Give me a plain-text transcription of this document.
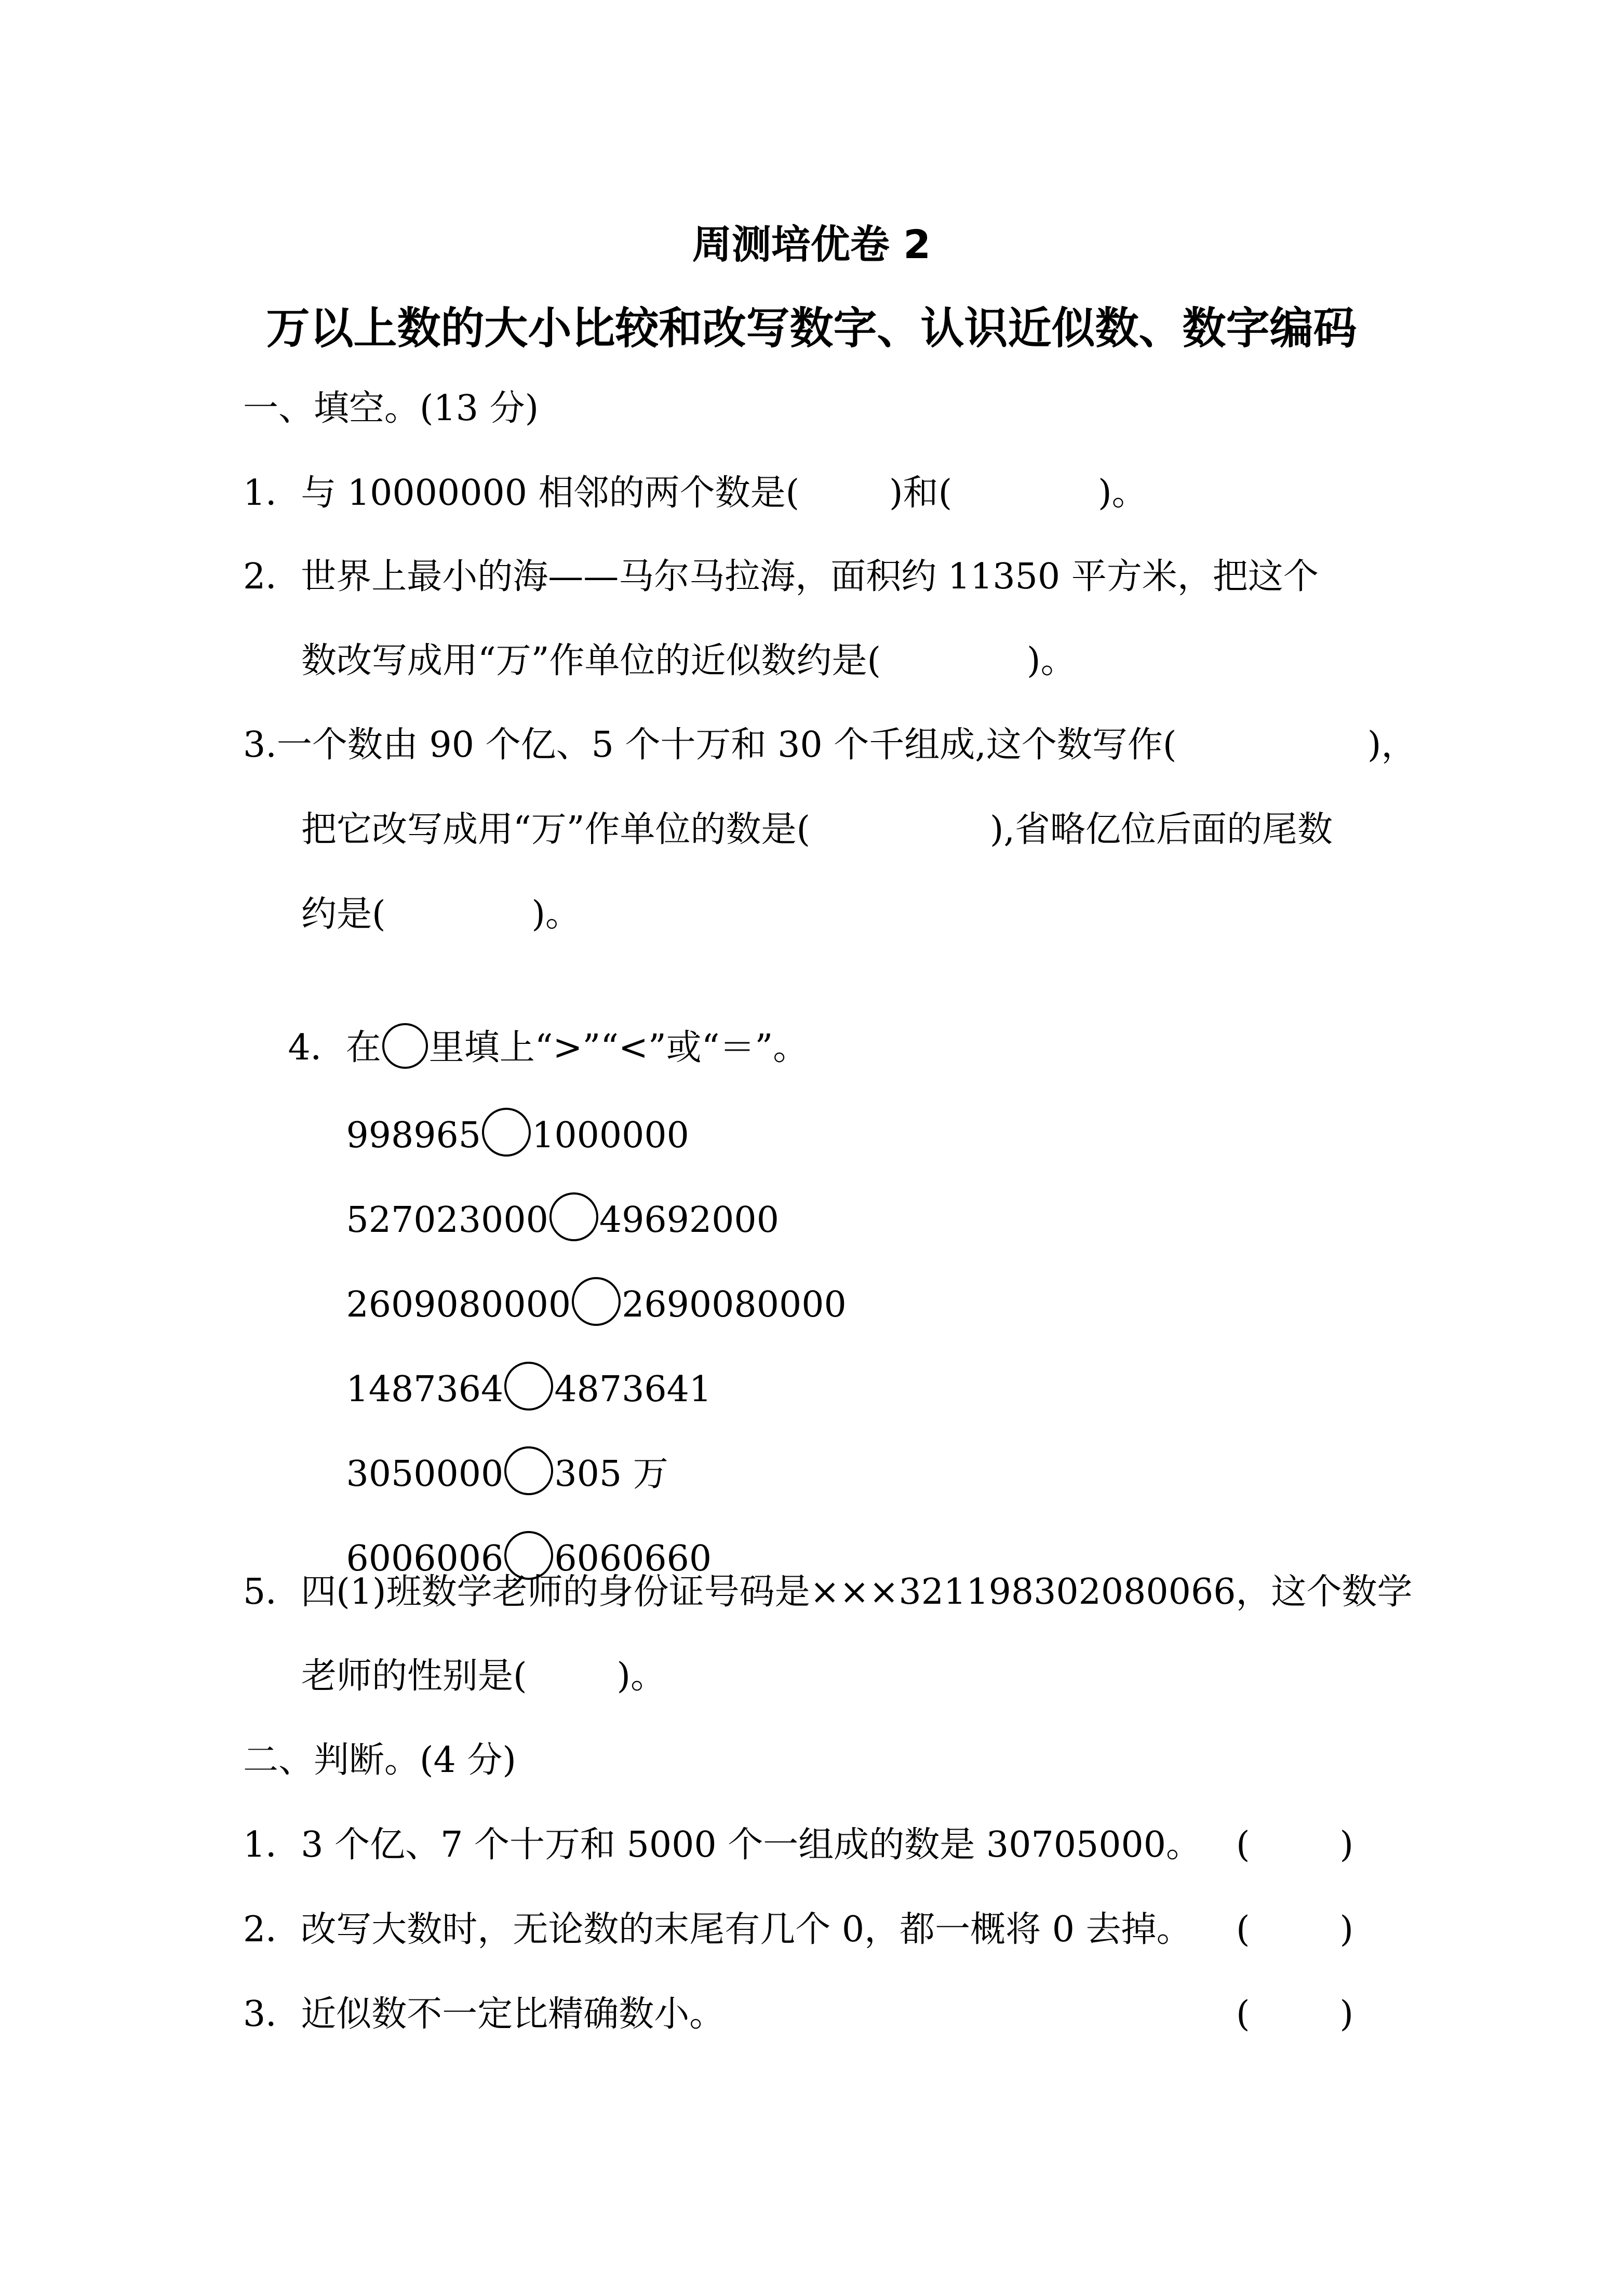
周测培优卷 2
万以上数的大小比较和改写数字、认识近似数、数字编码
一、填空。(13 分)
1．与 10000000 相邻的两个数是(        )和(             )。
2．世界上最小的海——马尔马拉海，面积约 11350 平方米，把这个
数改写成用“万”作单位的近似数约是(             )。
3.一个数由 90 个亿、5 个十万和 30 个千组成,这个数写作(                 )，
把它改写成用“万”作单位的数是(                ),省略亿位后面的尾数
约是(             )。

4．在 里填上“>”“<”或“＝”。

998965 1000000

527023000 49692000

2609080000 2690080000

1487364 4873641

3050000 305 万

6006006 6060660

5．四(1)班数学老师的身份证号码是×××321198302080066，这个数学
老师的性别是(        )。
二、判断。(4 分)
1．3 个亿、7 个十万和 5000 个一组成的数是 30705000。 (        )
2．改写大数时，无论数的末尾有几个 0，都一概将 0 去掉。 (        )
3．近似数不一定比精确数小。	(        )
